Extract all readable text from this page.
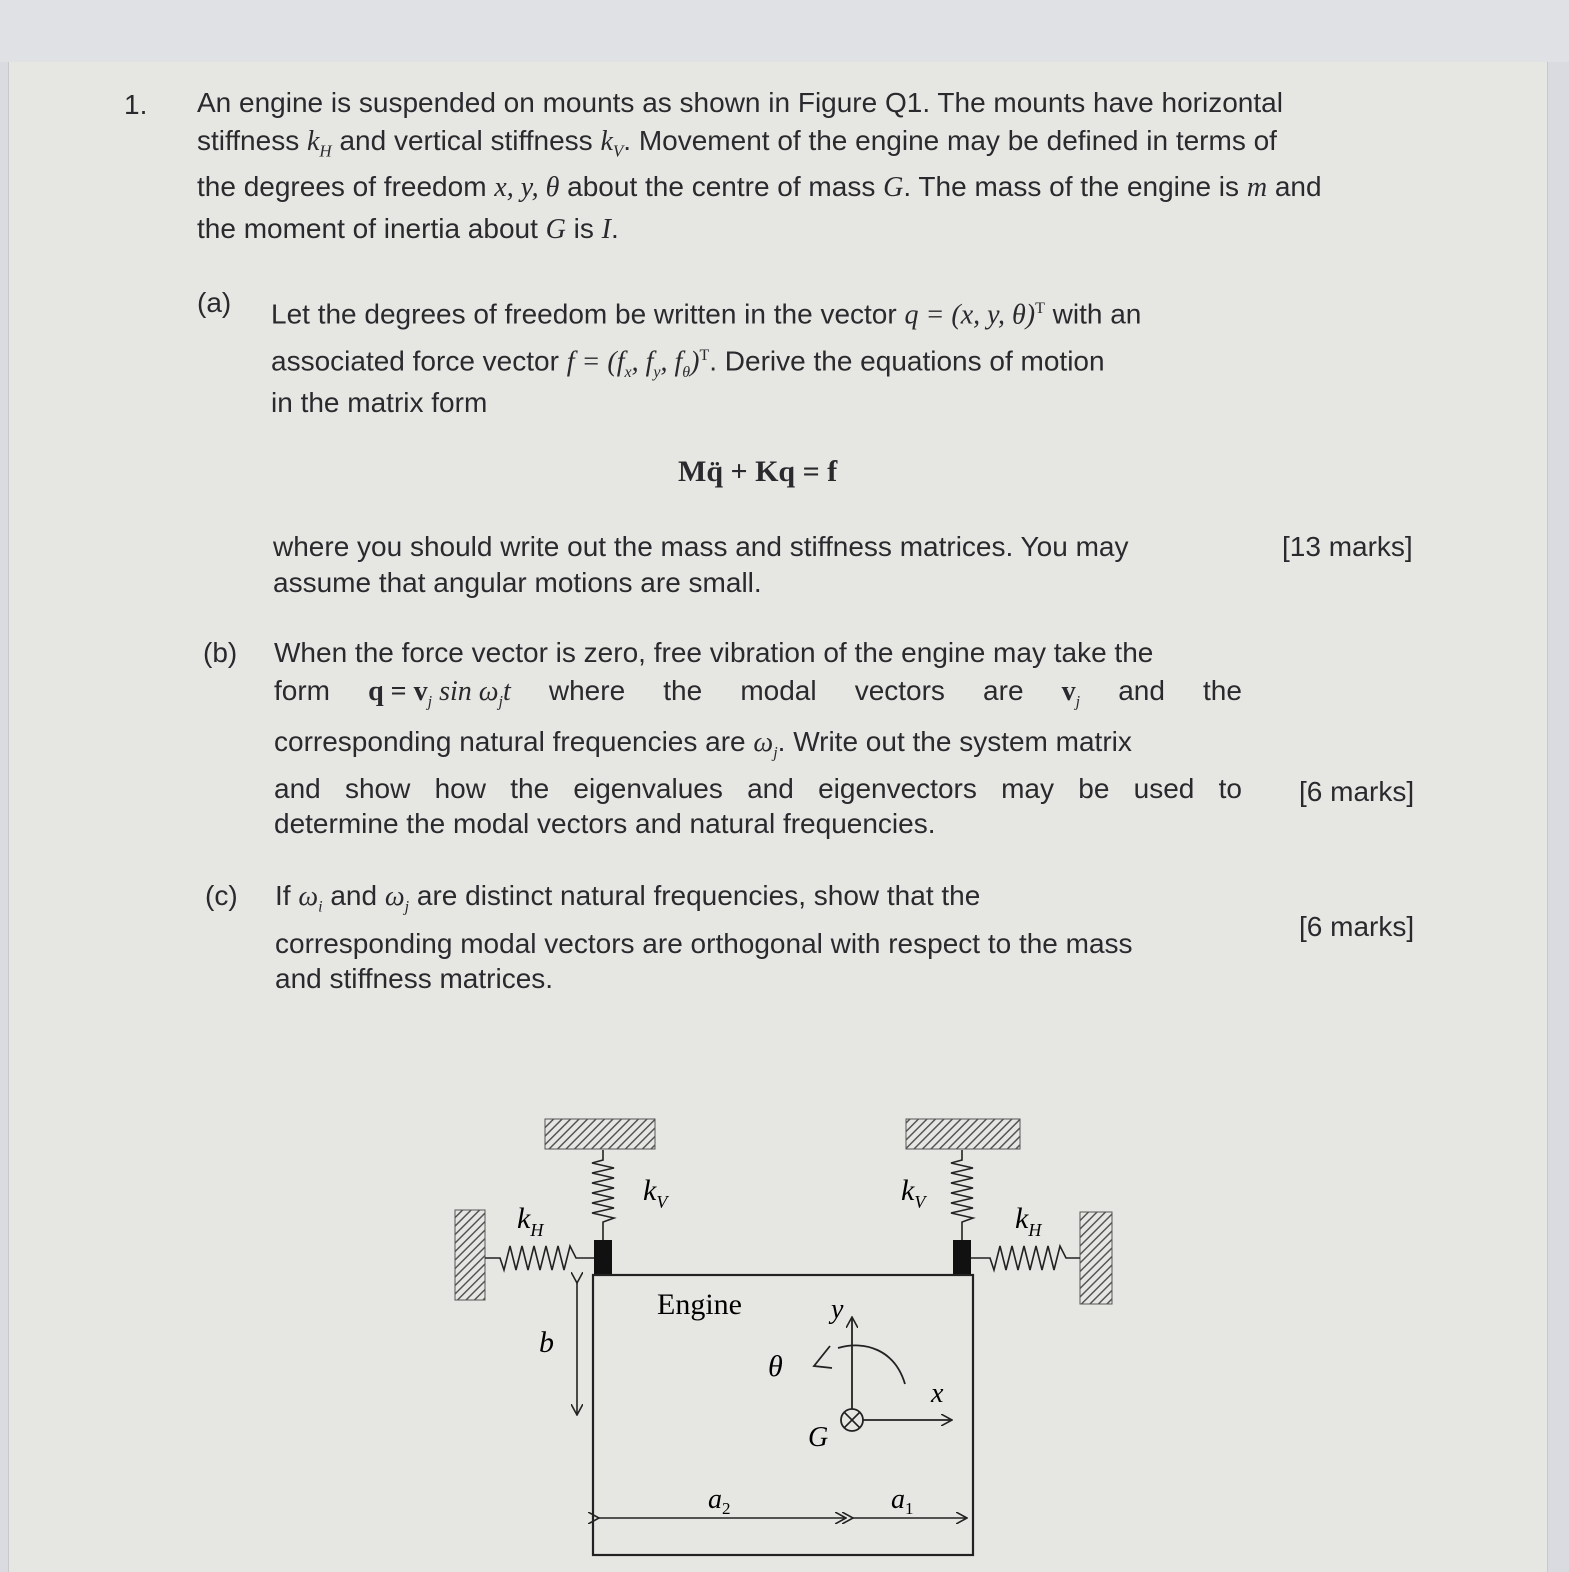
1. An engine is suspended on mounts as shown in Figure Q1. The mounts have horizontal
stiffness $k_H$ and vertical stiffness $k_V$. Movement of the engine may be defined in terms of
the degrees of freedom x, y, θ about the centre of mass G. The mass of the engine is m and
the moment of inertia about G is I.
(a) Let the degrees of freedom be written in the vector q = (x, y, θ)$^T$ with an
associated force vector $f = (f_x$, $f_y$, $f_\theta)^T$. Derive the equations of motion
in the matrix form
Mq̈ + Kq = f
where you should write out the mass and stiffness matrices. You may
assume that angular motions are small.
[13 marks]
(b) When the force vector is zero, free vibration of the engine may take the
form $q = v_j$ $\sin \omega_jt$ where the modal vectors are $v_j$ and the
corresponding natural frequencies are $\omega_j$. Write out the system matrix
and show how the eigenvalues and eigenvectors may be used to
determine the modal vectors and natural frequencies.
[6 marks]
(c) If $\omega_i$ and $\omega_j$ are distinct natural frequencies, show that the
corresponding modal vectors are orthogonal with respect to the mass
and stiffness matrices.
[6 marks]
Engine
$k_V$	$k_V$
$k_H$	$k_H$
b
θ
y
x
G
$a_2$	$a_1$
